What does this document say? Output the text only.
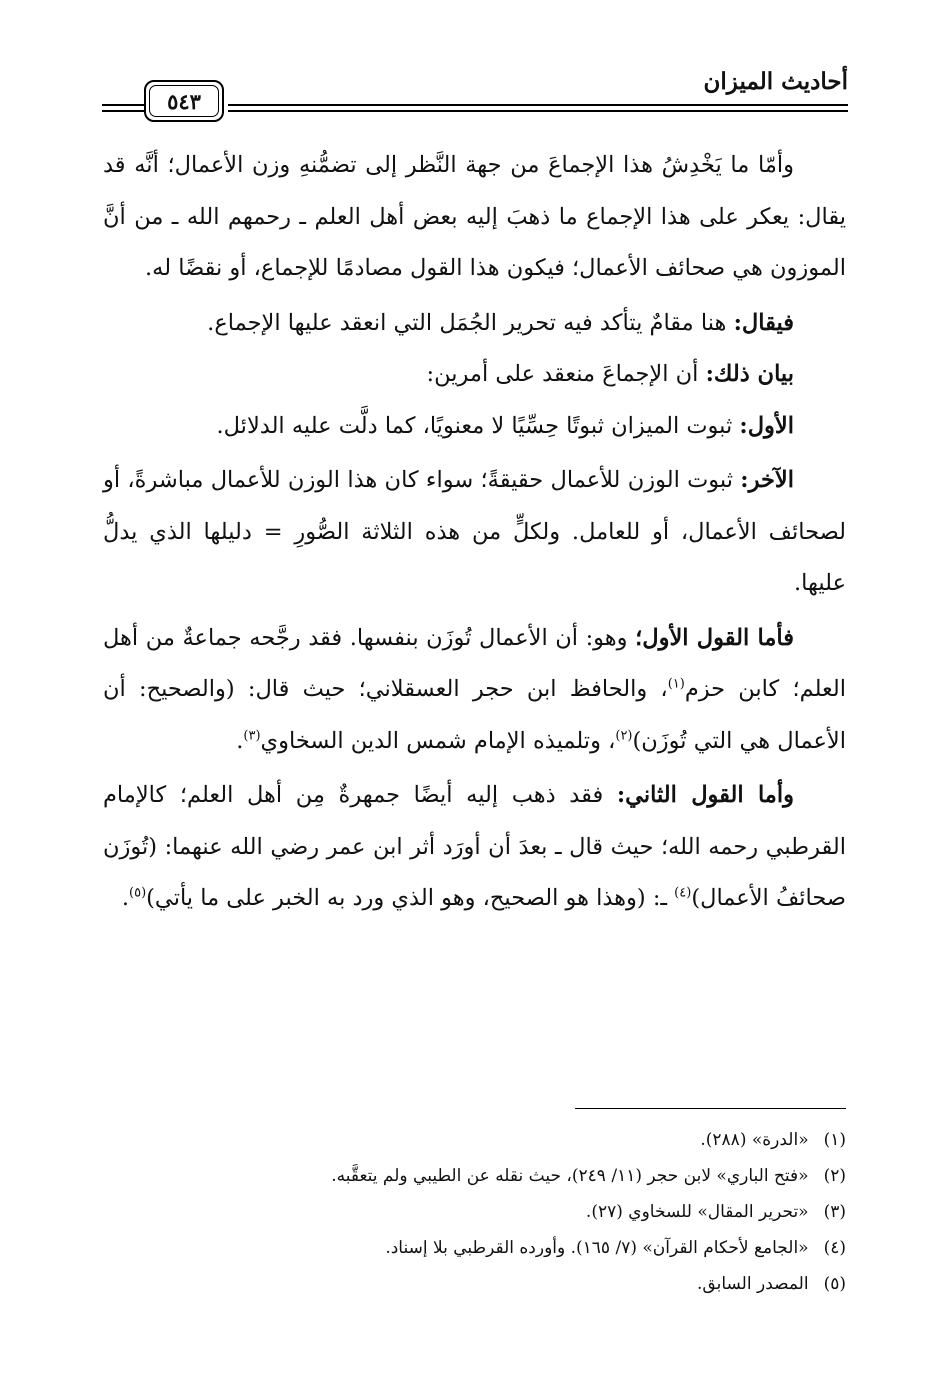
أحاديث الميزان
٥٤٣

وأمّا ما يَخْدِشُ هذا الإجماعَ من جهة النَّظر إلى تضمُّنهِ وزن الأعمال؛ أنَّه قد يقال: يعكر على هذا الإجماع ما ذهبَ إليه بعض أهل العلم ـ رحمهم الله ـ من أنَّ الموزون هي صحائف الأعمال؛ فيكون هذا القول مصادمًا للإجماع، أو نقضًا له.

فيقال: هنا مقامٌ يتأكد فيه تحرير الجُمَل التي انعقد عليها الإجماع.

بيان ذلك: أن الإجماعَ منعقد على أمرين:

الأول: ثبوت الميزان ثبوتًا حِسِّيًا لا معنويًا، كما دلَّت عليه الدلائل.

الآخر: ثبوت الوزن للأعمال حقيقةً؛ سواء كان هذا الوزن للأعمال مباشرةً، أو لصحائف الأعمال، أو للعامل. ولكلٍّ من هذه الثلاثة الصُّورِ = دليلها الذي يدلُّ عليها.

فأما القول الأول؛ وهو: أن الأعمال تُوزَن بنفسها. فقد رجَّحه جماعةٌ من أهل العلم؛ كابن حزم$^{(١)}$، والحافظ ابن حجر العسقلاني؛ حيث قال: (والصحيح: أن الأعمال هي التي تُوزَن)$^{(٢)}$، وتلميذه الإمام شمس الدين السخاوي$^{(٣)}$.

وأما القول الثاني: فقد ذهب إليه أيضًا جمهرةٌ مِن أهل العلم؛ كالإمام القرطبي رحمه الله؛ حيث قال ـ بعدَ أن أورَد أثر ابن عمر رضي الله عنهما: (تُوزَن صحائفُ الأعمال)$^{(٤)}$ ـ: (وهذا هو الصحيح، وهو الذي ورد به الخبر على ما يأتي)$^{(٥)}$.

(١) «الدرة» (٢٨٨).

(٢) «فتح الباري» لابن حجر (١١/ ٢٤٩)، حيث نقله عن الطيبي ولم يتعقَّبه.

(٣) «تحرير المقال» للسخاوي (٢٧).

(٤) «الجامع لأحكام القرآن» (٧/ ١٦٥). وأورده القرطبي بلا إسناد.

(٥) المصدر السابق.
